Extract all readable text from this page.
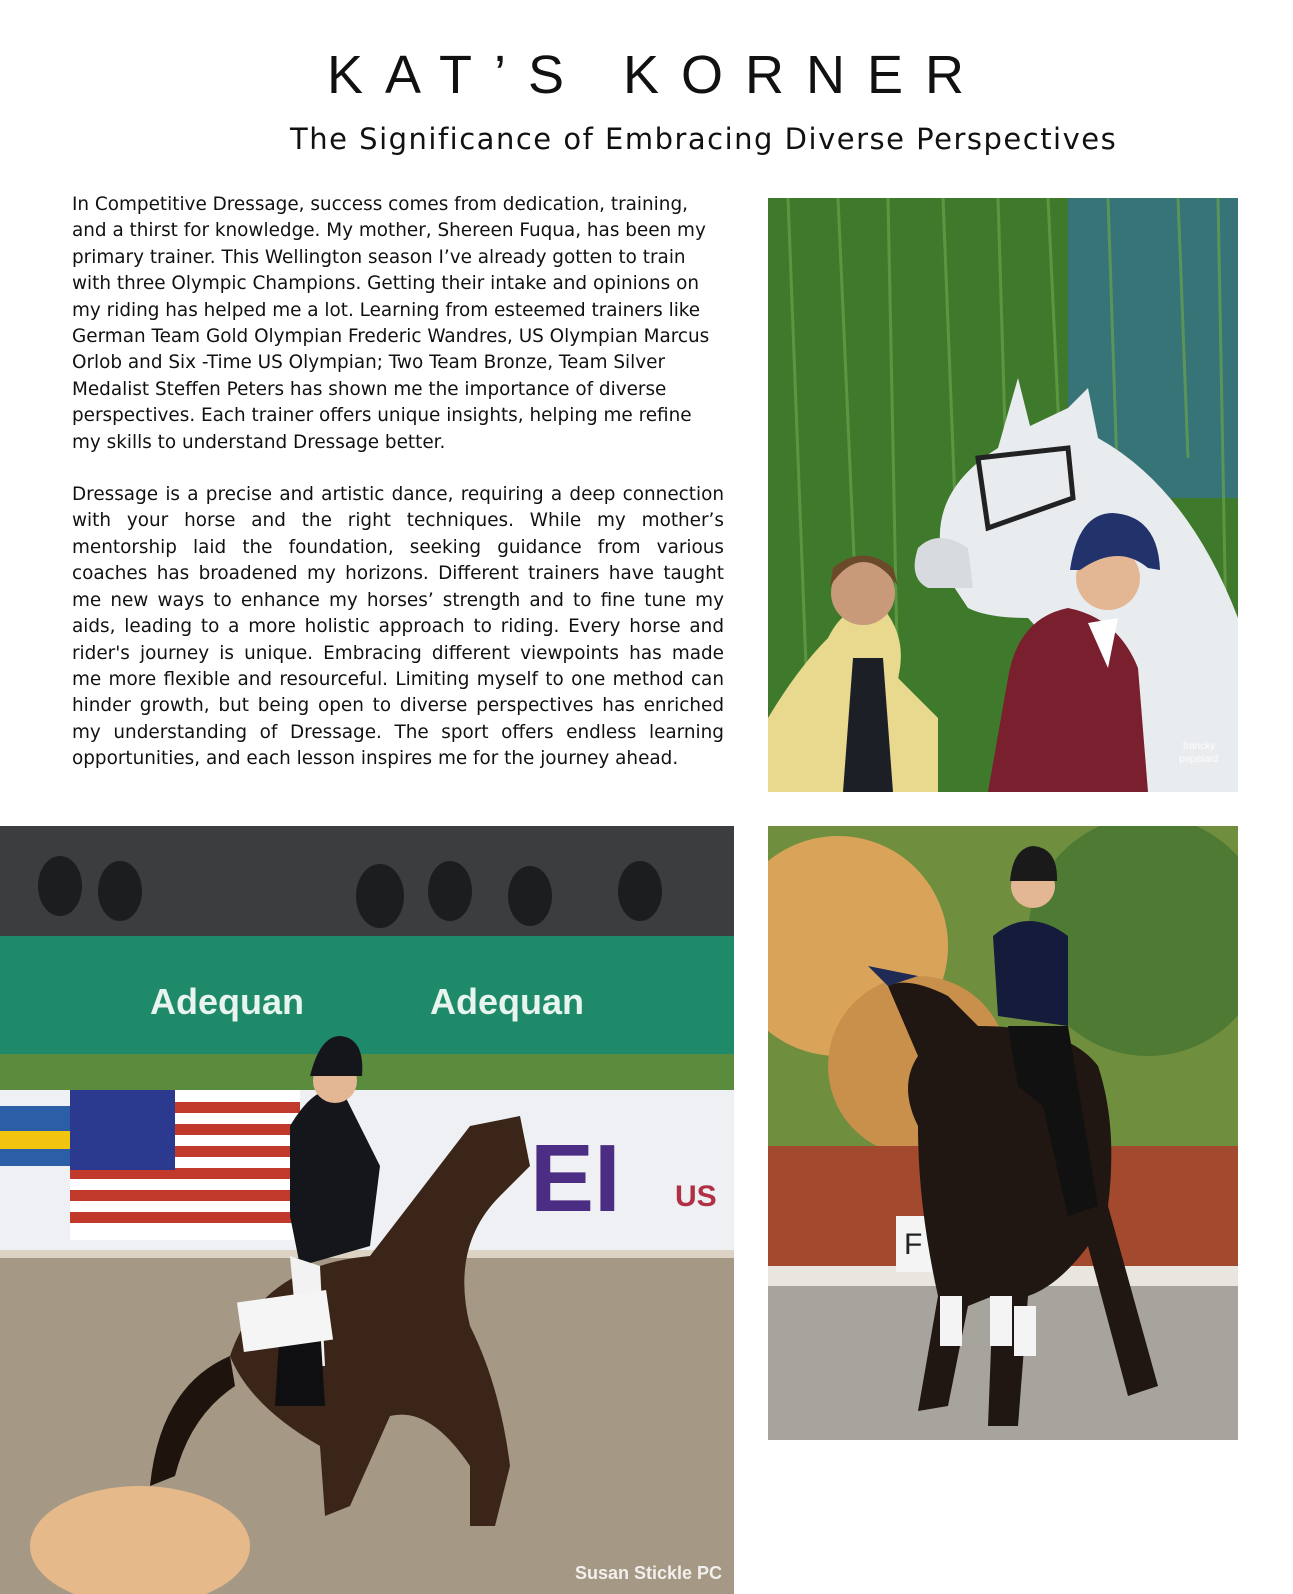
KAT’S KORNER
The Significance of Embracing Diverse Perspectives

In Competitive Dressage, success comes from dedication, training, and a thirst for knowledge. My mother, Shereen Fuqua, has been my primary trainer. This Wellington season I’ve already gotten to train with three Olympic Champions. Getting their intake and opinions on my riding has helped me a lot. Learning from esteemed trainers like German Team Gold Olympian Frederic Wandres, US Olympian Marcus Orlob and Six -Time US Olympian; Two Team Bronze, Team Silver Medalist Steffen Peters has shown me the importance of diverse perspectives. Each trainer offers unique insights, helping me refine my skills to understand Dressage better.

Dressage is a precise and artistic dance, requiring a deep connection with your horse and the right techniques. While my mother’s mentorship laid the foundation, seeking guidance from various coaches has broadened my horizons. Different trainers have taught me new ways to enhance my horses’ strength and to fine tune my aids, leading to a more holistic approach to riding. Every horse and rider's journey is unique. Embracing different viewpoints has made me more flexible and resourceful. Limiting myself to one method can hinder growth, but being open to diverse perspectives has enriched my understanding of Dressage. The sport offers endless learning opportunities, and each lesson inspires me for the journey ahead.

francky
papelard
Adequan	Adequan
EI US
Susan Stickle PC
F
